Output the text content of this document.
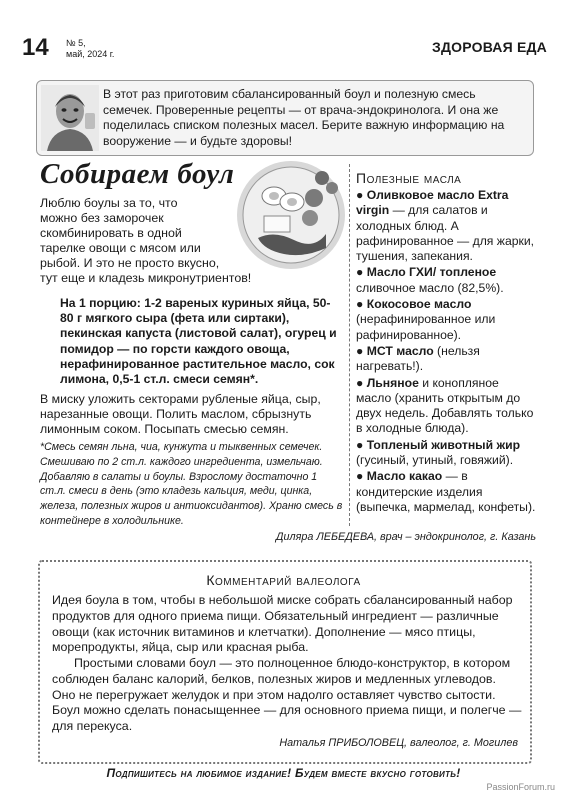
14 № 5,
май, 2024 г.	ЗДОРОВАЯ ЕДА
В этот раз приготовим сбалансированный боул и полезную смесь семечек. Проверенные рецепты — от врача-эндокринолога. И она же поделилась списком полезных масел. Берите важную информацию на вооружение — и будьте здоровы!
Собираем боул
Люблю боулы за то, что
можно без заморочек
скомбинировать в одной
тарелке овощи с мясом или
рыбой. И это не просто вкусно,
тут еще и кладезь микронутриентов!
На 1 порцию: 1-2 вареных куриных яйца, 50-80 г мягкого сыра (фета или сиртаки), пекинская капуста (листовой салат), огурец и помидор — по горсти каждого овоща, нерафинированное растительное масло, сок лимона, 0,5-1 ст.л. смеси семян*.
В миску уложить секторами рубленые яйца, сыр, нарезанные овощи. Полить маслом, сбрызнуть лимонным соком. Посыпать смесью семян.
*Смесь семян льна, чиа, кунжута и тыквенных семечек. Смешиваю по 2 ст.л. каждого ингредиента, измельчаю. Добавляю в салаты и боулы. Взрослому достаточно 1 ст.л. смеси в день (это кладезь кальция, меди, цинка, железа, полезных жиров и антиоксидантов). Храню смесь в контейнере в холодильнике.
Диляра ЛЕБЕДЕВА, врач – эндокринолог, г. Казань
Полезные масла
● Оливковое масло Extra virgin — для салатов и холодных блюд. А рафинированное — для жарки, тушения, запекания.
● Масло ГХИ/ топленое сливочное масло (82,5%).
● Кокосовое масло (нерафинированное или рафинированное).
● МСТ масло (нельзя нагревать!).
● Льняное и конопляное масло (хранить открытым до двух недель. Добавлять только в холодные блюда).
● Топленый животный жир (гусиный, утиный, говяжий).
● Масло какао — в кондитерские изделия (выпечка, мармелад, конфеты).
Комментарий валеолога
Идея боула в том, чтобы в небольшой миске собрать сбалансированный набор продуктов для одного приема пищи. Обязательный ингредиент — различные овощи (как источник витаминов и клетчатки). Дополнение — мясо птицы, морепродукты, яйца, сыр или красная рыба.
Простыми словами боул — это полноценное блюдо-конструктор, в котором соблюден баланс калорий, белков, полезных жиров и медленных углеводов. Оно не перегружает желудок и при этом надолго оставляет чувство сытости. Боул можно сделать понасыщеннее — для основного приема пищи, и полегче — для перекуса.
Наталья ПРИБОЛОВЕЦ, валеолог, г. Могилев
Подпишитесь на любимое издание! Будем вместе вкусно готовить!
PassionForum.ru
